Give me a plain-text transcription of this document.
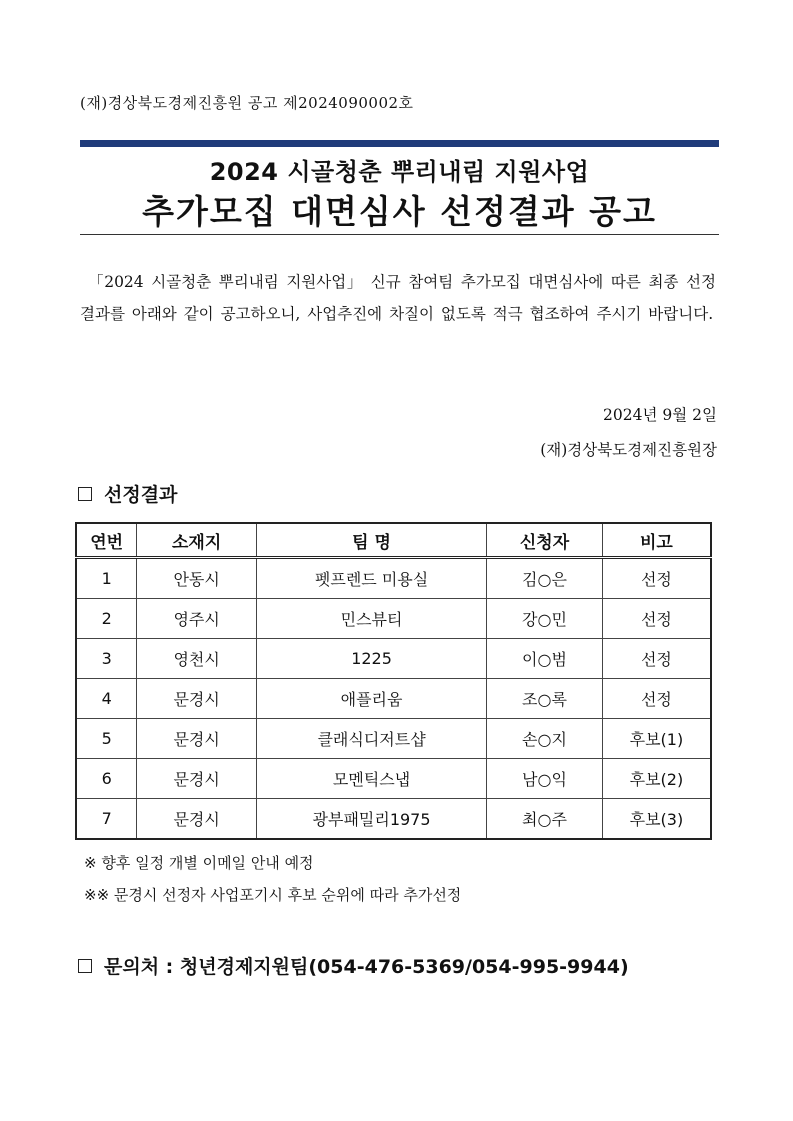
(재)경상북도경제진흥원 공고 제2024090002호
2024 시골청춘 뿌리내림 지원사업
추가모집 대면심사 선정결과 공고
「2024 시골청춘 뿌리내림 지원사업」 신규 참여팀 추가모집 대면심사에 따른 최종 선정 결과를 아래와 같이 공고하오니, 사업추진에 차질이 없도록 적극 협조하여 주시기 바랍니다.
2024년 9월 2일
(재)경상북도경제진흥원장
선정결과
연번	소재지	팀 명	신청자	비고
1	안동시	펫프렌드 미용실	김○은	선정
2	영주시	민스뷰티	강○민	선정
3	영천시	1225	이○범	선정
4	문경시	애플리움	조○록	선정
5	문경시	클래식디저트샵	손○지	후보(1)
6	문경시	모멘틱스냅	남○익	후보(2)
7	문경시	광부패밀리1975	최○주	후보(3)
※ 향후 일정 개별 이메일 안내 예정
※※ 문경시 선정자 사업포기시 후보 순위에 따라 추가선정
문의처 : 청년경제지원팀(054-476-5369/054-995-9944)
